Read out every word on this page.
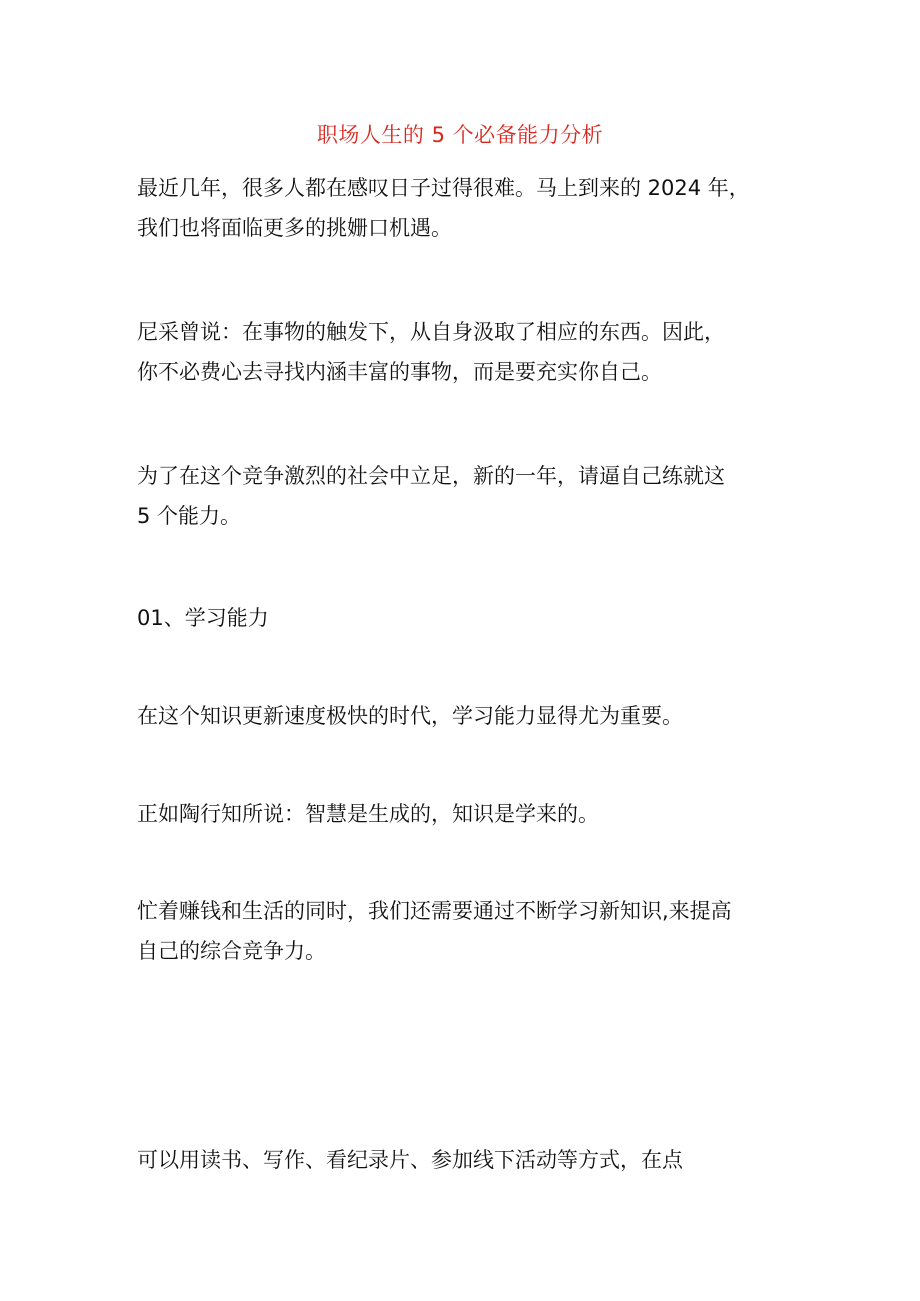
职场人生的 5 个必备能力分析

最近几年，很多人都在感叹日子过得很难。马上到来的 2024 年，
我们也将面临更多的挑姗口机遇。

尼采曾说：在事物的触发下，从自身汲取了相应的东西。因此，
你不必费心去寻找内涵丰富的事物，而是要充实你自己。

为了在这个竞争激烈的社会中立足，新的一年，请逼自己练就这
5 个能力。

01、学习能力

在这个知识更新速度极快的时代，学习能力显得尤为重要。

正如陶行知所说：智慧是生成的，知识是学来的。

忙着赚钱和生活的同时，我们还需要通过不断学习新知识,来提高
自己的综合竞争力。

可以用读书、写作、看纪录片、参加线下活动等方式，在点
